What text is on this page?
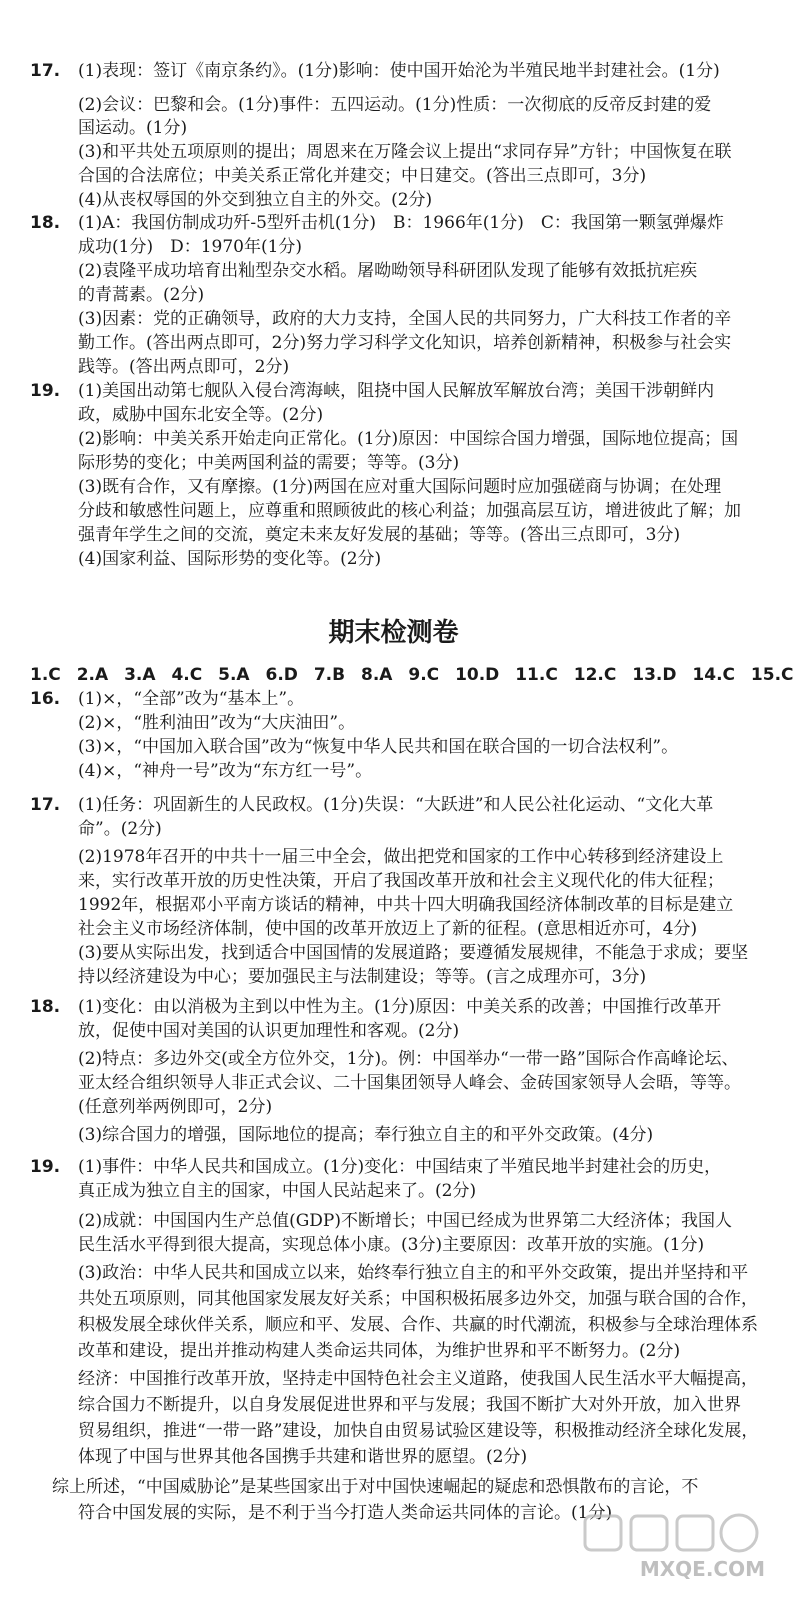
17. (1)表现：签订《南京条约》。(1分)影响：使中国开始沦为半殖民地半封建社会。(1分)
(2)会议：巴黎和会。(1分)事件：五四运动。(1分)性质：一次彻底的反帝反封建的爱
国运动。(1分)
(3)和平共处五项原则的提出；周恩来在万隆会议上提出“求同存异”方针；中国恢复在联
合国的合法席位；中美关系正常化并建交；中日建交。(答出三点即可，3分)
(4)从丧权辱国的外交到独立自主的外交。(2分)
18. (1)A：我国仿制成功歼-5型歼击机(1分)　B：1966年(1分)　C：我国第一颗氢弹爆炸
成功(1分)　D：1970年(1分)
(2)袁隆平成功培育出籼型杂交水稻。屠呦呦领导科研团队发现了能够有效抵抗疟疾
的青蒿素。(2分)
(3)因素：党的正确领导，政府的大力支持，全国人民的共同努力，广大科技工作者的辛
勤工作。(答出两点即可，2分)努力学习科学文化知识，培养创新精神，积极参与社会实
践等。(答出两点即可，2分)
19. (1)美国出动第七舰队入侵台湾海峡，阻挠中国人民解放军解放台湾；美国干涉朝鲜内
政，威胁中国东北安全等。(2分)
(2)影响：中美关系开始走向正常化。(1分)原因：中国综合国力增强，国际地位提高；国
际形势的变化；中美两国利益的需要；等等。(3分)
(3)既有合作，又有摩擦。(1分)两国在应对重大国际问题时应加强磋商与协调；在处理
分歧和敏感性问题上，应尊重和照顾彼此的核心利益；加强高层互访，增进彼此了解；加
强青年学生之间的交流，奠定未来友好发展的基础；等等。(答出三点即可，3分)
(4)国家利益、国际形势的变化等。(2分)
期末检测卷
1.C 2.A 3.A 4.C 5.A 6.D 7.B 8.A 9.C 10.D 11.C 12.C 13.D 14.C 15.C
16. (1)×，“全部”改为“基本上”。
(2)×，“胜利油田”改为“大庆油田”。
(3)×，“中国加入联合国”改为“恢复中华人民共和国在联合国的一切合法权利”。
(4)×，“神舟一号”改为“东方红一号”。
17. (1)任务：巩固新生的人民政权。(1分)失误：“大跃进”和人民公社化运动、“文化大革
命”。(2分)
(2)1978年召开的中共十一届三中全会，做出把党和国家的工作中心转移到经济建设上
来，实行改革开放的历史性决策，开启了我国改革开放和社会主义现代化的伟大征程；
1992年，根据邓小平南方谈话的精神，中共十四大明确我国经济体制改革的目标是建立
社会主义市场经济体制，使中国的改革开放迈上了新的征程。(意思相近亦可，4分)
(3)要从实际出发，找到适合中国国情的发展道路；要遵循发展规律，不能急于求成；要坚
持以经济建设为中心；要加强民主与法制建设；等等。(言之成理亦可，3分)
18. (1)变化：由以消极为主到以中性为主。(1分)原因：中美关系的改善；中国推行改革开
放，促使中国对美国的认识更加理性和客观。(2分)
(2)特点：多边外交(或全方位外交，1分)。例：中国举办“一带一路”国际合作高峰论坛、
亚太经合组织领导人非正式会议、二十国集团领导人峰会、金砖国家领导人会晤，等等。
(任意列举两例即可，2分)
(3)综合国力的增强，国际地位的提高；奉行独立自主的和平外交政策。(4分)
19. (1)事件：中华人民共和国成立。(1分)变化：中国结束了半殖民地半封建社会的历史，
真正成为独立自主的国家，中国人民站起来了。(2分)
(2)成就：中国国内生产总值(GDP)不断增长；中国已经成为世界第二大经济体；我国人
民生活水平得到很大提高，实现总体小康。(3分)主要原因：改革开放的实施。(1分)
(3)政治：中华人民共和国成立以来，始终奉行独立自主的和平外交政策，提出并坚持和平
共处五项原则，同其他国家发展友好关系；中国积极拓展多边外交，加强与联合国的合作，
积极发展全球伙伴关系，顺应和平、发展、合作、共赢的时代潮流，积极参与全球治理体系
改革和建设，提出并推动构建人类命运共同体，为维护世界和平不断努力。(2分)
经济：中国推行改革开放，坚持走中国特色社会主义道路，使我国人民生活水平大幅提高，
综合国力不断提升，以自身发展促进世界和平与发展；我国不断扩大对外开放，加入世界
贸易组织，推进“一带一路”建设，加快自由贸易试验区建设等，积极推动经济全球化发展，
体现了中国与世界其他各国携手共建和谐世界的愿望。(2分)
综上所述，“中国威胁论”是某些国家出于对中国快速崛起的疑虑和恐惧散布的言论，不
符合中国发展的实际，是不利于当今打造人类命运共同体的言论。(1分)
MXQE.COM
